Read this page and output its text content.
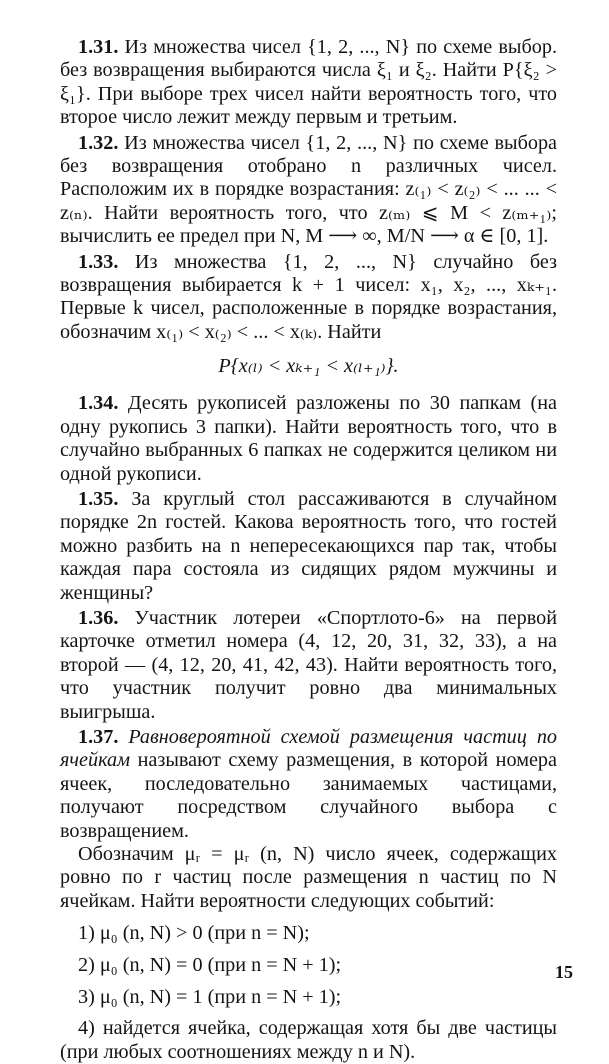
1.31. Из множества чисел {1, 2, ..., N} по схеме выбор. без возвращения выбираются числа ξ₁ и ξ₂. Найти P{ξ₂ > ξ₁}. При выборе трех чисел найти вероятность того, что второе число лежит между первым и третьим.

1.32. Из множества чисел {1, 2, ..., N} по схеме выбора без возвращения отобрано n различных чисел. Расположим их в порядке возрастания: z₍₁₎ < z₍₂₎ < ... ... < z₍ₙ₎. Найти вероятность того, что z₍ₘ₎ ⩽ M < z₍ₘ₊₁₎; вычислить ее предел при N, M ⟶ ∞, M/N ⟶ α ∈ [0, 1].

1.33. Из множества {1, 2, ..., N} случайно без возвращения выбирается k + 1 чисел: x₁, x₂, ..., xₖ₊₁. Первые k чисел, расположенные в порядке возрастания, обозначим x₍₁₎ < x₍₂₎ < ... < x₍ₖ₎. Найти

P{x₍ₗ₎ < xₖ₊₁ < x₍ₗ₊₁₎}.

1.34. Десять рукописей разложены по 30 папкам (на одну рукопись 3 папки). Найти вероятность того, что в случайно выбранных 6 папках не содержится целиком ни одной рукописи.

1.35. За круглый стол рассаживаются в случайном порядке 2n гостей. Какова вероятность того, что гостей можно разбить на n непересекающихся пар так, чтобы каждая пара состояла из сидящих рядом мужчины и женщины?

1.36. Участник лотереи «Спортлото-6» на первой карточке отметил номера (4, 12, 20, 31, 32, 33), а на второй — (4, 12, 20, 41, 42, 43). Найти вероятность того, что участник получит ровно два минимальных выигрыша.

1.37. Равновероятной схемой размещения частиц по ячейкам называют схему размещения, в которой номера ячеек, последовательно занимаемых частицами, получают посредством случайного выбора с возвращением.

Обозначим μᵣ = μᵣ (n, N) число ячеек, содержащих ровно по r частиц после размещения n частиц по N ячейкам. Найти вероятности следующих событий:

1) μ₀ (n, N) > 0 (при n = N);
2) μ₀ (n, N) = 0 (при n = N + 1);
3) μ₀ (n, N) = 1 (при n = N + 1);

4) найдется ячейка, содержащая хотя бы две частицы (при любых соотношениях между n и N).

15
